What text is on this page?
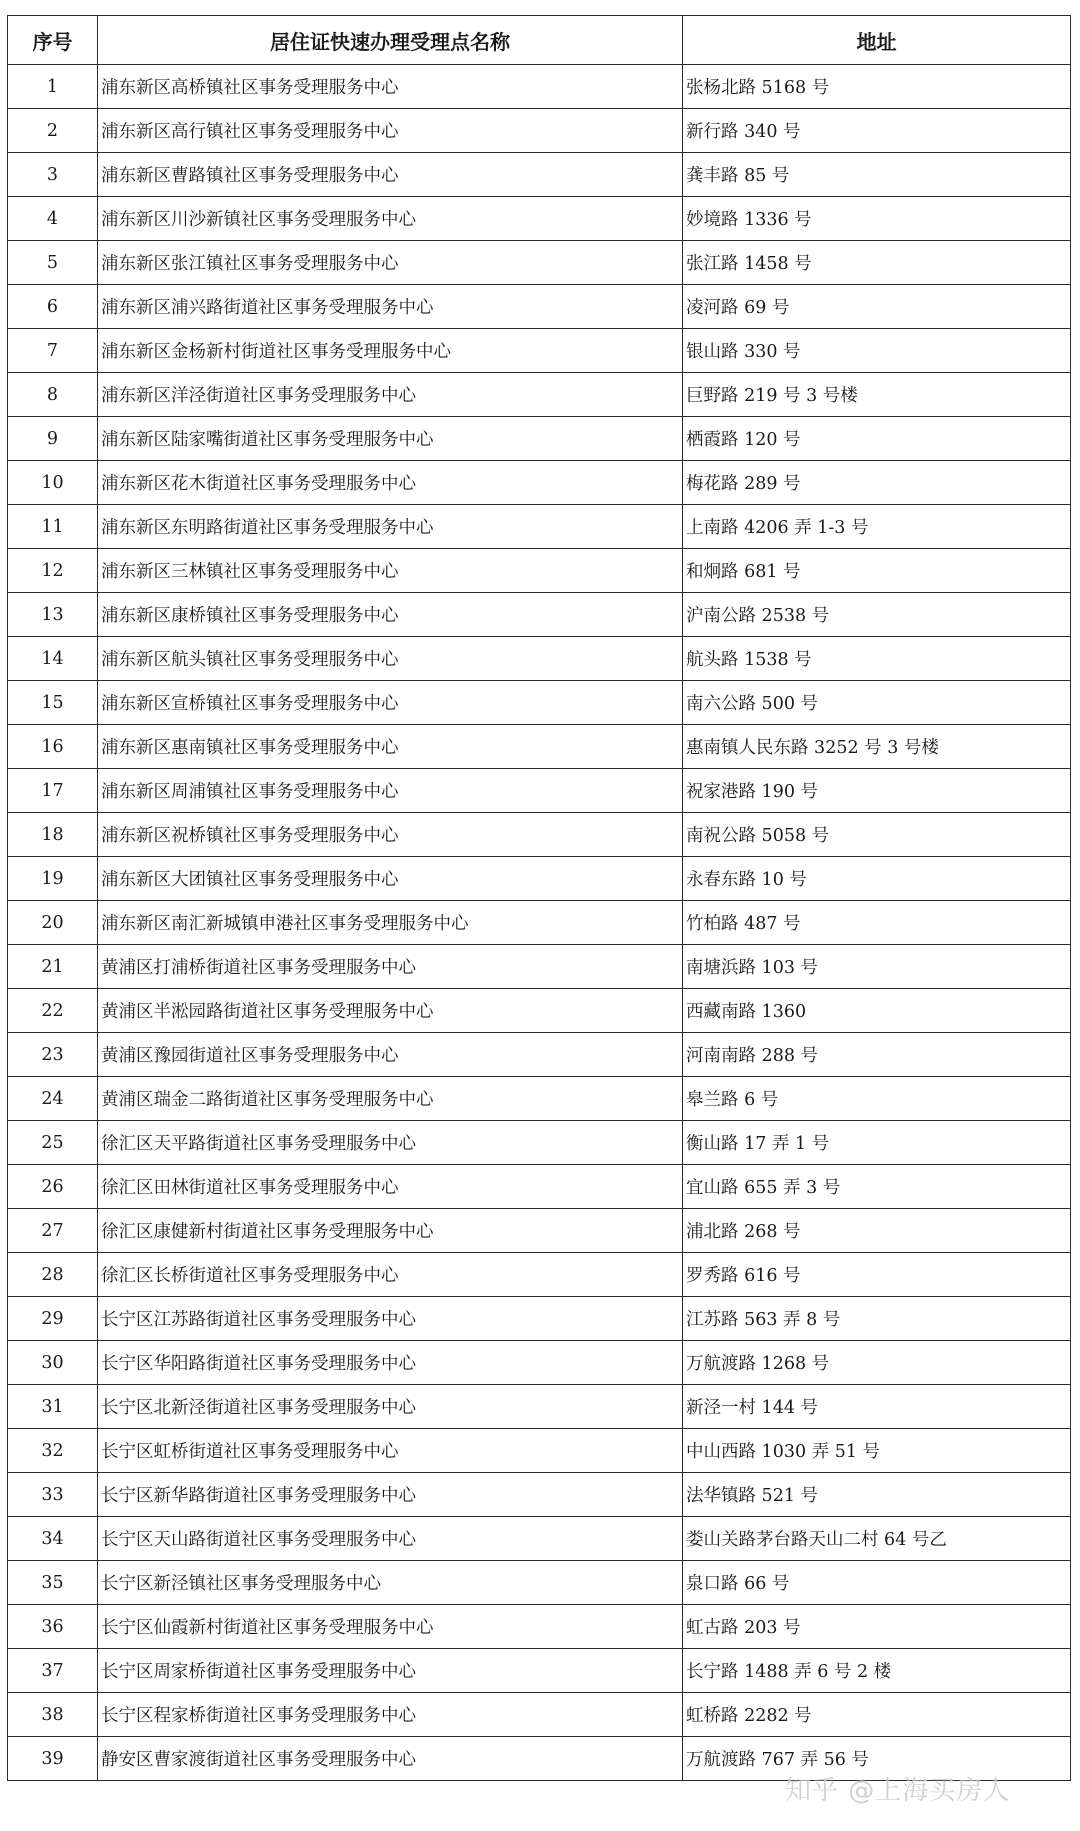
序号	居住证快速办理受理点名称	地址
1	浦东新区高桥镇社区事务受理服务中心	张杨北路 5168 号
2	浦东新区高行镇社区事务受理服务中心	新行路 340 号
3	浦东新区曹路镇社区事务受理服务中心	龚丰路 85 号
4	浦东新区川沙新镇社区事务受理服务中心	妙境路 1336 号
5	浦东新区张江镇社区事务受理服务中心	张江路 1458 号
6	浦东新区浦兴路街道社区事务受理服务中心	凌河路 69 号
7	浦东新区金杨新村街道社区事务受理服务中心	银山路 330 号
8	浦东新区洋泾街道社区事务受理服务中心	巨野路 219 号 3 号楼
9	浦东新区陆家嘴街道社区事务受理服务中心	栖霞路 120 号
10	浦东新区花木街道社区事务受理服务中心	梅花路 289 号
11	浦东新区东明路街道社区事务受理服务中心	上南路 4206 弄 1-3 号
12	浦东新区三林镇社区事务受理服务中心	和炯路 681 号
13	浦东新区康桥镇社区事务受理服务中心	沪南公路 2538 号
14	浦东新区航头镇社区事务受理服务中心	航头路 1538 号
15	浦东新区宣桥镇社区事务受理服务中心	南六公路 500 号
16	浦东新区惠南镇社区事务受理服务中心	惠南镇人民东路 3252 号 3 号楼
17	浦东新区周浦镇社区事务受理服务中心	祝家港路 190 号
18	浦东新区祝桥镇社区事务受理服务中心	南祝公路 5058 号
19	浦东新区大团镇社区事务受理服务中心	永春东路 10 号
20	浦东新区南汇新城镇申港社区事务受理服务中心	竹柏路 487 号
21	黄浦区打浦桥街道社区事务受理服务中心	南塘浜路 103 号
22	黄浦区半淞园路街道社区事务受理服务中心	西藏南路 1360
23	黄浦区豫园街道社区事务受理服务中心	河南南路 288 号
24	黄浦区瑞金二路街道社区事务受理服务中心	皋兰路 6 号
25	徐汇区天平路街道社区事务受理服务中心	衡山路 17 弄 1 号
26	徐汇区田林街道社区事务受理服务中心	宜山路 655 弄 3 号
27	徐汇区康健新村街道社区事务受理服务中心	浦北路 268 号
28	徐汇区长桥街道社区事务受理服务中心	罗秀路 616 号
29	长宁区江苏路街道社区事务受理服务中心	江苏路 563 弄 8 号
30	长宁区华阳路街道社区事务受理服务中心	万航渡路 1268 号
31	长宁区北新泾街道社区事务受理服务中心	新泾一村 144 号
32	长宁区虹桥街道社区事务受理服务中心	中山西路 1030 弄 51 号
33	长宁区新华路街道社区事务受理服务中心	法华镇路 521 号
34	长宁区天山路街道社区事务受理服务中心	娄山关路茅台路天山二村 64 号乙
35	长宁区新泾镇社区事务受理服务中心	泉口路 66 号
36	长宁区仙霞新村街道社区事务受理服务中心	虹古路 203 号
37	长宁区周家桥街道社区事务受理服务中心	长宁路 1488 弄 6 号 2 楼
38	长宁区程家桥街道社区事务受理服务中心	虹桥路 2282 号
39	静安区曹家渡街道社区事务受理服务中心	万航渡路 767 弄 56 号
知乎 @上海买房人
